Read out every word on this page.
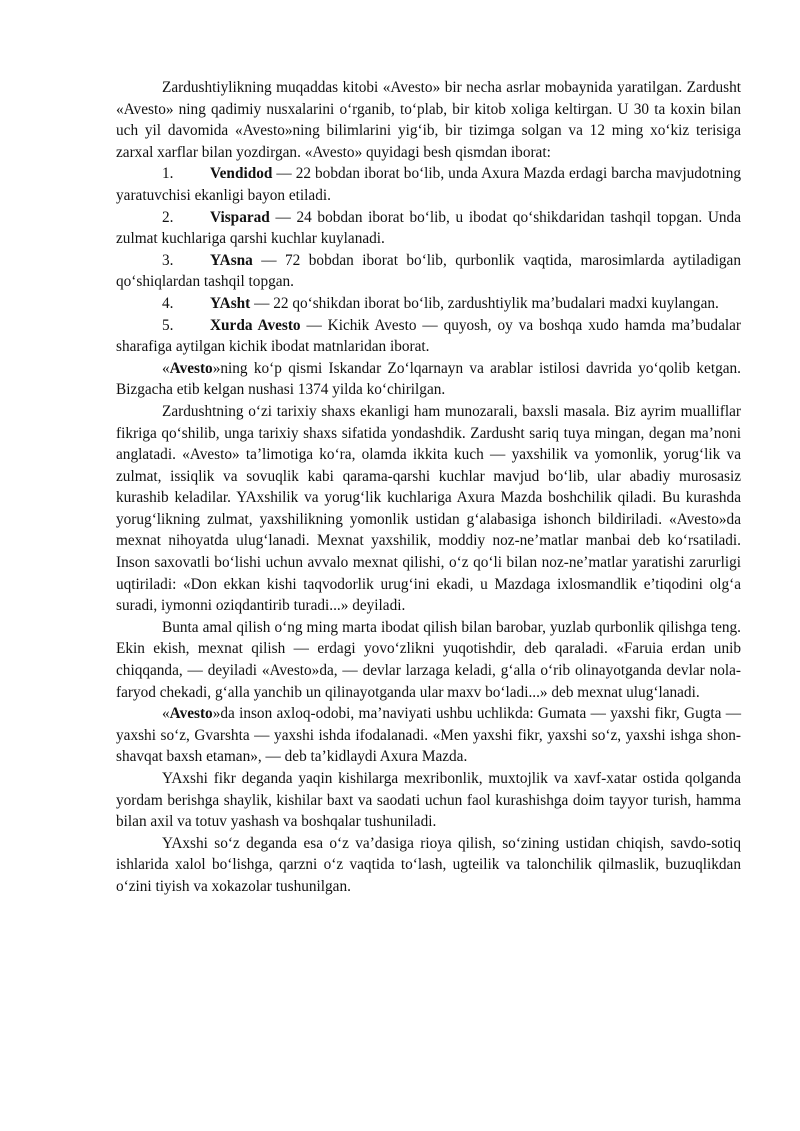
Zardushtiylikning muqaddas kitobi «Avesto» bir necha asrlar mobaynida yaratilgan. Zardusht «Avesto» ning qadimiy nusxalarini o‘rganib, to‘plab, bir kitob xoliga keltirgan. U 30 ta koxin bilan uch yil davomida «Avesto»ning bilimlarini yig‘ib, bir tizimga solgan va 12 ming xo‘kiz terisiga zarxal xarflar bilan yozdirgan. «Avesto» quyidagi besh qismdan iborat:

1. Vendidod — 22 bobdan iborat bo‘lib, unda Axura Mazda erdagi barcha mavjudotning yaratuvchisi ekanligi bayon etiladi.

2. Visparad — 24 bobdan iborat bo‘lib, u ibodat qo‘shikdaridan tashqil topgan. Unda zulmat kuchlariga qarshi kuchlar kuylanadi.

3. YAsna — 72 bobdan iborat bo‘lib, qurbonlik vaqtida, marosimlarda aytiladigan qo‘shiqlardan tashqil topgan.

4. YAsht — 22 qo‘shikdan iborat bo‘lib, zardushtiylik ma’budalari madxi kuylangan.

5. Xurda Avesto — Kichik Avesto — quyosh, oy va boshqa xudo hamda ma’budalar sharafiga aytilgan kichik ibodat matnlaridan iborat.

«Avesto»ning ko‘p qismi Iskandar Zo‘lqarnayn va arablar istilosi davrida yo‘qolib ketgan. Bizgacha etib kelgan nushasi 1374 yilda ko‘chirilgan.

Zardushtning o‘zi tarixiy shaxs ekanligi ham munozarali, baxsli masala. Biz ayrim mualliflar fikriga qo‘shilib, unga tarixiy shaxs sifatida yondashdik. Zardusht sariq tuya mingan, degan ma’noni anglatadi. «Avesto» ta’limotiga ko‘ra, olamda ikkita kuch — yaxshilik va yomonlik, yorug‘lik va zulmat, issiqlik va sovuqlik kabi qarama-qarshi kuchlar mavjud bo‘lib, ular abadiy murosasiz kurashib keladilar. YAxshilik va yorug‘lik kuchlariga Axura Mazda boshchilik qiladi. Bu kurashda yorug‘likning zulmat, yaxshilikning yomonlik ustidan g‘alabasiga ishonch bildiriladi. «Avesto»da mexnat nihoyatda ulug‘lanadi. Mexnat yaxshilik, moddiy noz-ne’matlar manbai deb ko‘rsatiladi. Inson saxovatli bo‘lishi uchun avvalo mexnat qilishi, o‘z qo‘li bilan noz-ne’matlar yaratishi zarurligi uqtiriladi: «Don ekkan kishi taqvodorlik urug‘ini ekadi, u Mazdaga ixlosmandlik e’tiqodini olg‘a suradi, iymonni oziqdantirib turadi...» deyiladi.

Bunta amal qilish o‘ng ming marta ibodat qilish bilan barobar, yuzlab qurbonlik qilishga teng. Ekin ekish, mexnat qilish — erdagi yovo‘zlikni yuqotishdir, deb qaraladi. «Faruia erdan unib chiqqanda, — deyiladi «Avesto»da, — devlar larzaga keladi, g‘alla o‘rib olinayotganda devlar nola-faryod chekadi, g‘alla yanchib un qilinayotganda ular maxv bo‘ladi...» deb mexnat ulug‘lanadi.

«Avesto»da inson axloq-odobi, ma’naviyati ushbu uchlikda: Gumata — yaxshi fikr, Gugta — yaxshi so‘z, Gvarshta — yaxshi ishda ifodalanadi. «Men yaxshi fikr, yaxshi so‘z, yaxshi ishga shon-shavqat baxsh etaman», — deb ta’kidlaydi Axura Mazda.

YAxshi fikr deganda yaqin kishilarga mexribonlik, muxtojlik va xavf-xatar ostida qolganda yordam berishga shaylik, kishilar baxt va saodati uchun faol kurashishga doim tayyor turish, hamma bilan axil va totuv yashash va boshqalar tushuniladi.

YAxshi so‘z deganda esa o‘z va’dasiga rioya qilish, so‘zining ustidan chiqish, savdo-sotiq ishlarida xalol bo‘lishga, qarzni o‘z vaqtida to‘lash, ugteilik va talonchilik qilmaslik, buzuqlikdan o‘zini tiyish va xokazolar tushunilgan.
